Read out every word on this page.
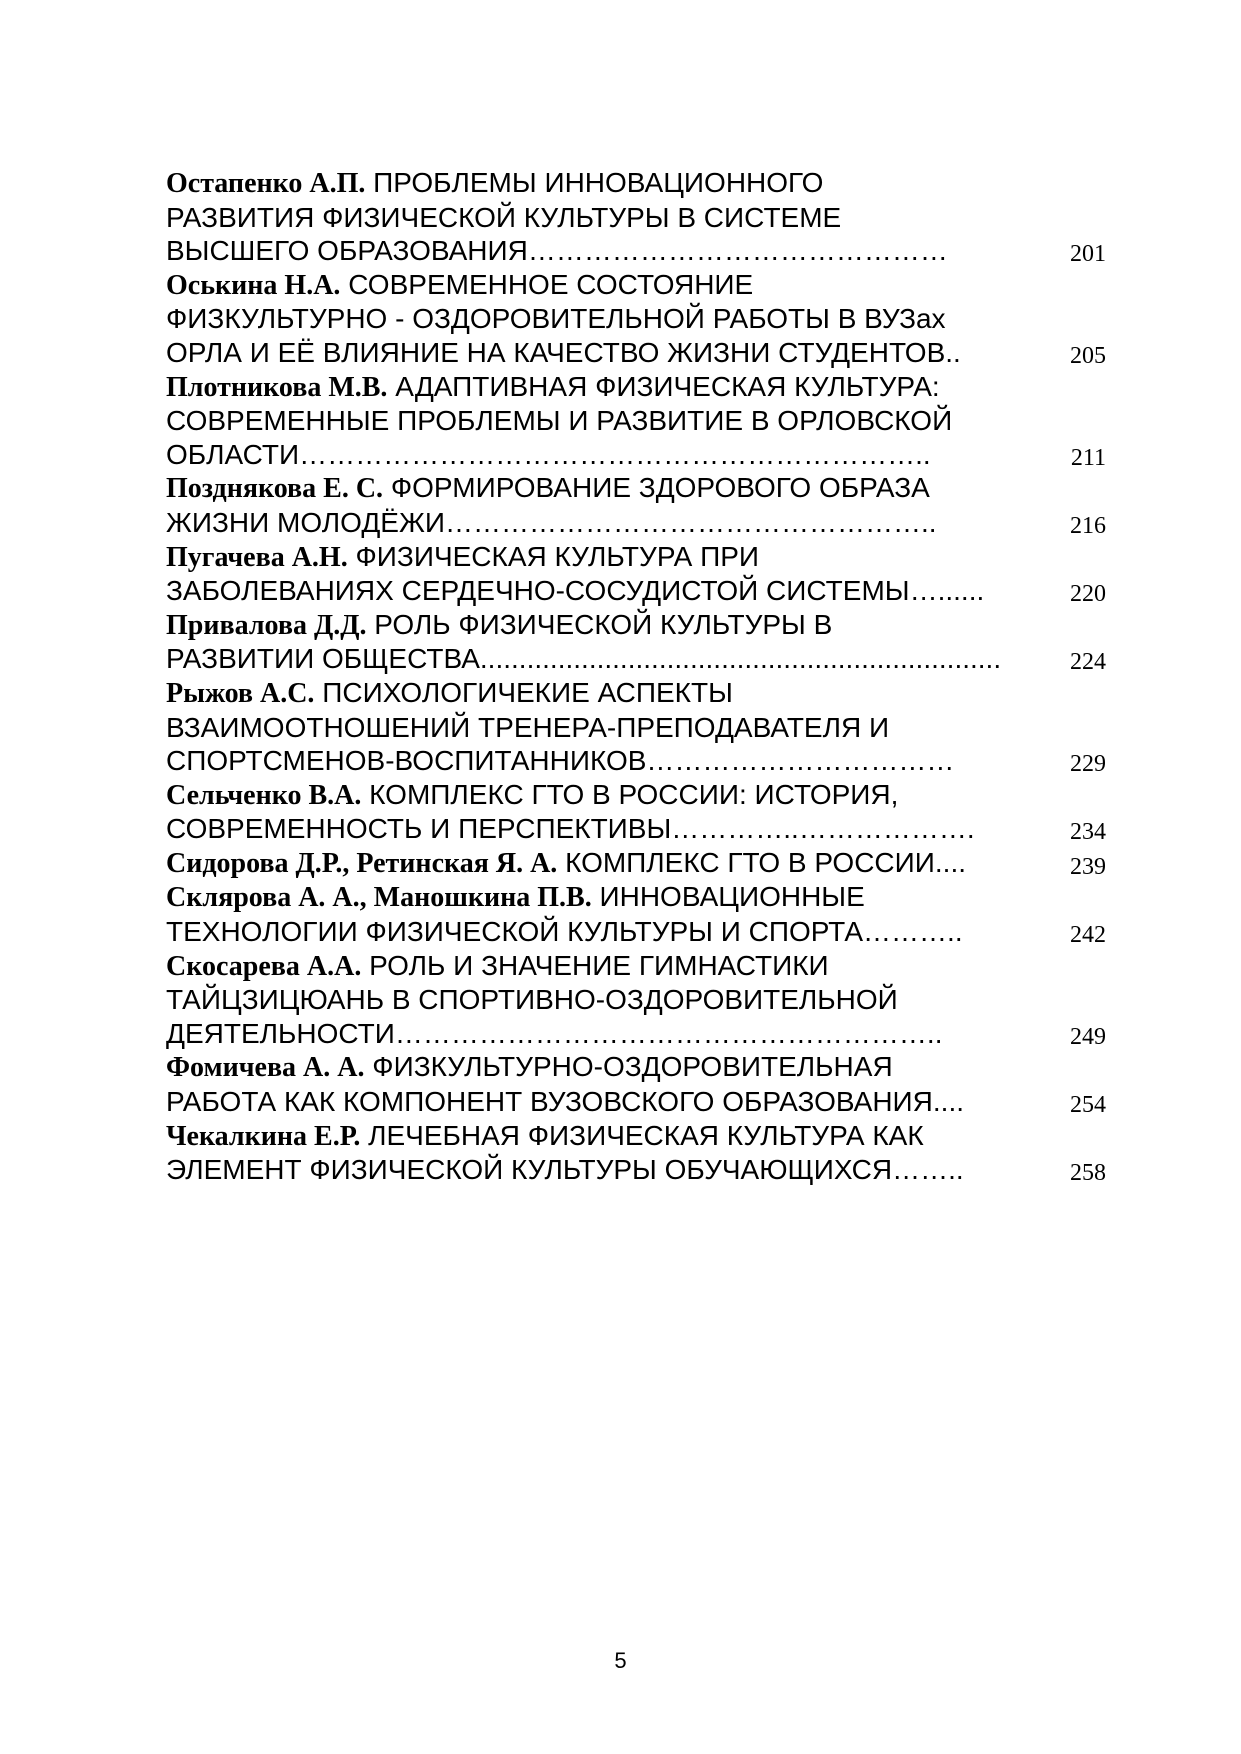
Остапенко А.П. ПРОБЛЕМЫ ИННОВАЦИОННОГО
РАЗВИТИЯ ФИЗИЧЕСКОЙ КУЛЬТУРЫ В СИСТЕМЕ
ВЫСШЕГО ОБРАЗОВАНИЯ………………………………………	201
Оськина Н.А. СОВРЕМЕННОЕ СОСТОЯНИЕ
ФИЗКУЛЬТУРНО - ОЗДОРОВИТЕЛЬНОЙ РАБОТЫ В ВУЗах
ОРЛА И ЕЁ ВЛИЯНИЕ НА КАЧЕСТВО ЖИЗНИ СТУДЕНТОВ..	205
Плотникова М.В. АДАПТИВНАЯ ФИЗИЧЕСКАЯ КУЛЬТУРА:
СОВРЕМЕННЫЕ ПРОБЛЕМЫ И РАЗВИТИЕ В ОРЛОВСКОЙ
ОБЛАСТИ…………………………………………………………..	211
Позднякова Е. С. ФОРМИРОВАНИЕ ЗДОРОВОГО ОБРАЗА
ЖИЗНИ МОЛОДЁЖИ……………………………………………..	216
Пугачева А.Н. ФИЗИЧЕСКАЯ КУЛЬТУРА ПРИ
ЗАБОЛЕВАНИЯХ СЕРДЕЧНО-СОСУДИСТОЙ СИСТЕМЫ…......	220
Привалова Д.Д. РОЛЬ ФИЗИЧЕСКОЙ КУЛЬТУРЫ В
РАЗВИТИИ ОБЩЕСТВА...................................................................	224
Рыжов А.С. ПСИХОЛОГИЧЕКИЕ АСПЕКТЫ
ВЗАИМООТНОШЕНИЙ ТРЕНЕРА-ПРЕПОДАВАТЕЛЯ И
СПОРТСМЕНОВ-ВОСПИТАННИКОВ……………………………	229
Сельченко В.А. КОМПЛЕКС ГТО В РОССИИ: ИСТОРИЯ,
СОВРЕМЕННОСТЬ И ПЕРСПЕКТИВЫ…………..……………….	234
Сидорова Д.Р., Ретинская Я. А. КОМПЛЕКС ГТО В РОССИИ....	239
Склярова А. А., Маношкина П.В. ИННОВАЦИОННЫЕ
ТЕХНОЛОГИИ ФИЗИЧЕСКОЙ КУЛЬТУРЫ И СПОРТА………..	242
Скосарева А.А. РОЛЬ И ЗНАЧЕНИЕ ГИМНАСТИКИ
ТАЙЦЗИЦЮАНЬ В СПОРТИВНО-ОЗДОРОВИТЕЛЬНОЙ
ДЕЯТЕЛЬНОСТИ…………………………………………………..	249
Фомичева А. А. ФИЗКУЛЬТУРНО-ОЗДОРОВИТЕЛЬНАЯ
РАБОТА КАК КОМПОНЕНТ ВУЗОВСКОГО ОБРАЗОВАНИЯ....	254
Чекалкина Е.Р. ЛЕЧЕБНАЯ ФИЗИЧЕСКАЯ КУЛЬТУРА КАК
ЭЛЕМЕНТ ФИЗИЧЕСКОЙ КУЛЬТУРЫ ОБУЧАЮЩИХСЯ……..	258
5
